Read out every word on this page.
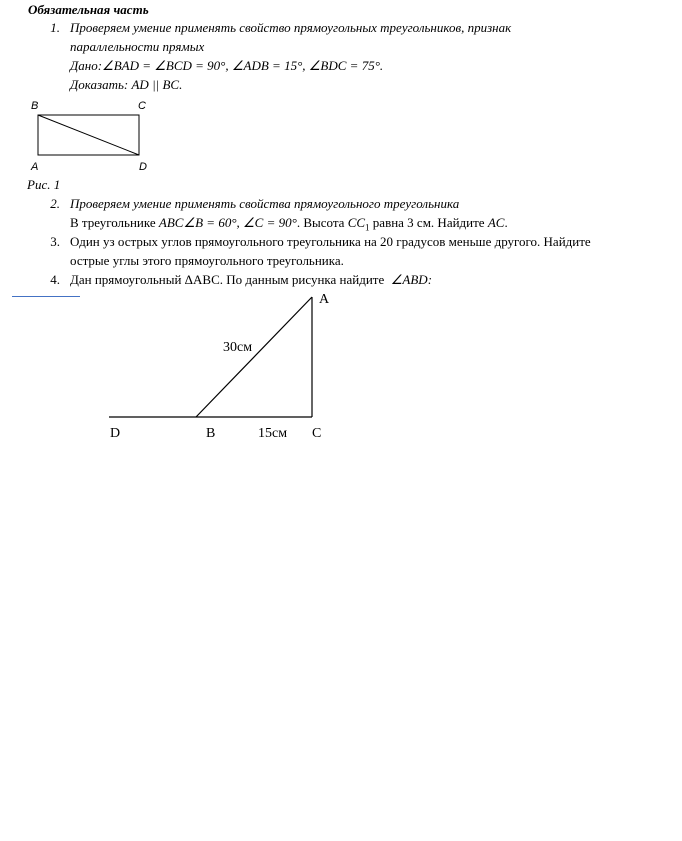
Обязательная часть
1. Проверяем умение применять свойство прямоугольных треугольников, признак
параллельности прямых
Дано:∠BAD = ∠BCD = 90°, ∠ADB = 15°, ∠BDC = 75°.
Доказать: AD || BC.
B	C
A	D
Рис. 1
2. Проверяем умение применять свойства прямоугольного треугольника
В треугольнике ABC∠B = 60°, ∠C = 90°. Высота $CC_1$ равна 3 см. Найдите AC.
3. Один уз острых углов прямоугольного треугольника на 20 градусов меньше другого. Найдите
острые углы этого прямоугольного треугольника.
4. Дан прямоугольный ΔABC. По данным рисунка найдите ∠ABD:
A
30см
D	B	15см C
